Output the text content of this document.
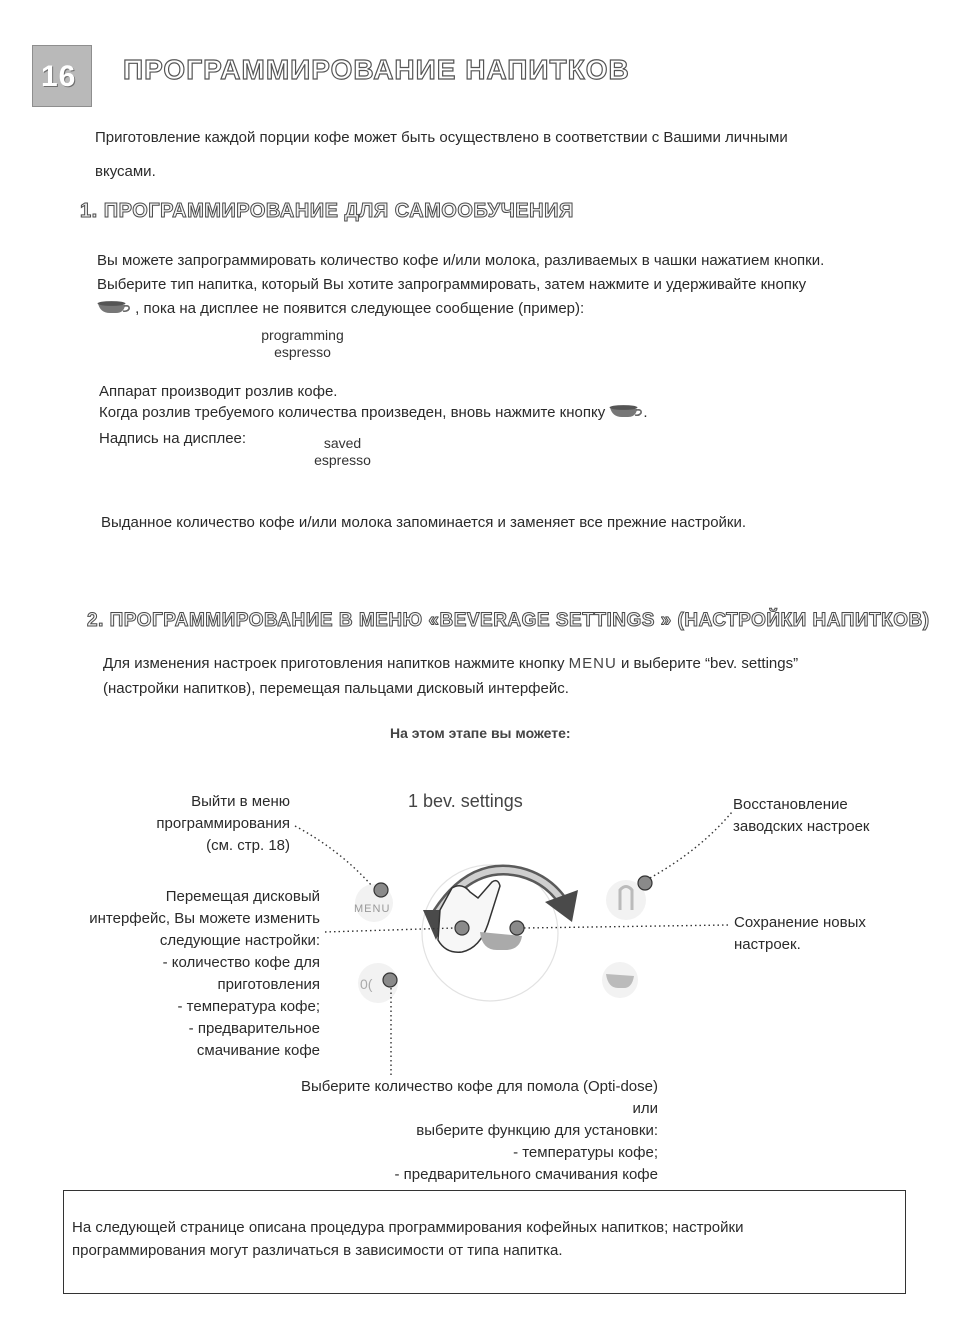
16 ПРОГРАММИРОВАНИЕ НАПИТКОВ
Приготовление каждой порции кофе может быть осуществлено в соответствии с Вашими личными
вкусами.
1. ПРОГРАММИРОВАНИЕ ДЛЯ САМООБУЧЕНИЯ
Вы можете запрограммировать количество кофе и/или молока, разливаемых в чашки нажатием кнопки.
Выберите тип напитка, который Вы хотите запрограммировать, затем нажмите и удерживайте кнопку
, пока на дисплее не появится следующее сообщение (пример):
programming
espresso
Аппарат производит розлив кофе.
Когда розлив требуемого количества произведен, вновь нажмите кнопку	.
Надпись на дисплее:	saved
espresso
Выданное количество кофе и/или молока запоминается и заменяет все прежние настройки.
2. ПРОГРАММИРОВАНИЕ В МЕНЮ «BEVERAGE SETTINGS » (НАСТРОЙКИ НАПИТКОВ)
Для изменения настроек приготовления напитков нажмите кнопку MENU и выберите “bev. settings”
(настройки напитков), перемещая пальцами дисковый интерфейс.
На этом этапе вы можете:
MENU
0(
1 bev. settings
Выйти в меню
программирования
(см. стр. 18)
Перемещая дисковый
интерфейс, Вы можете изменить
следующие настройки:
- количество кофе для
приготовления
- температура кофе;
- предварительное
смачивание кофе
Восстановление
заводских настроек
Сохранение новых
настроек.
Выберите количество кофе для помола (Opti-dose)
или
выберите функцию для установки:
- температуры кофе;
- предварительного смачивания кофе

На следующей странице описана процедура программирования кофейных напитков; настройки
программирования могут различаться в зависимости от типа напитка.
